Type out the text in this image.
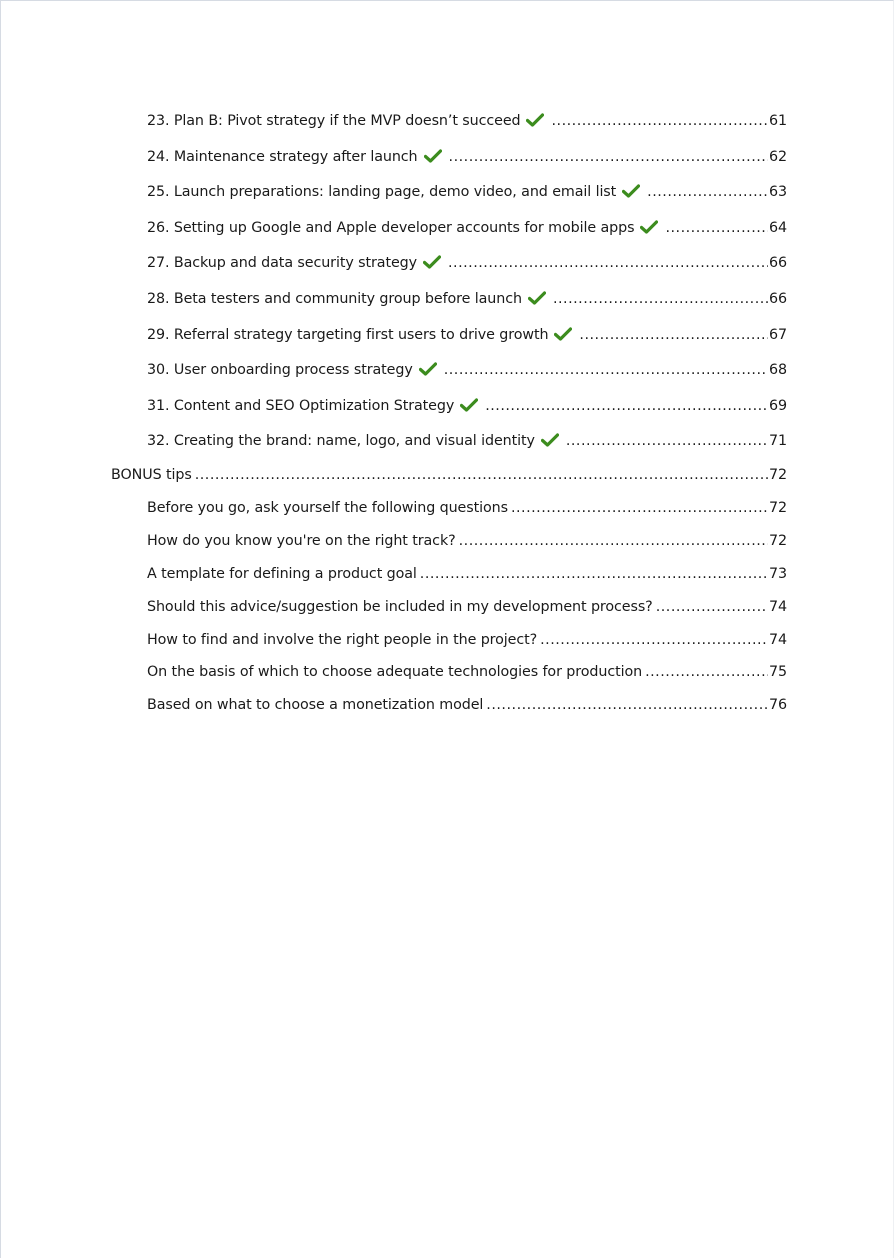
23. Plan B: Pivot strategy if the MVP doesn’t succeed .....	61
24. Maintenance strategy after launch .....	62
25. Launch preparations: landing page, demo video, and email list .....	63
26. Setting up Google and Apple developer accounts for mobile apps .....	64
27. Backup and data security strategy .....	66
28. Beta testers and community group before launch .....	66
29. Referral strategy targeting first users to drive growth .....	67
30. User onboarding process strategy .....	68
31. Content and SEO Optimization Strategy .....	69
32. Creating the brand: name, logo, and visual identity .....	71
BONUS tips .....	72
Before you go, ask yourself the following questions .....	72
How do you know you're on the right track? .....	72
A template for defining a product goal .....	73
Should this advice/suggestion be included in my development process? .....	74
How to find and involve the right people in the project? .....	74
On the basis of which to choose adequate technologies for production .....	75
Based on what to choose a monetization model .....	76
